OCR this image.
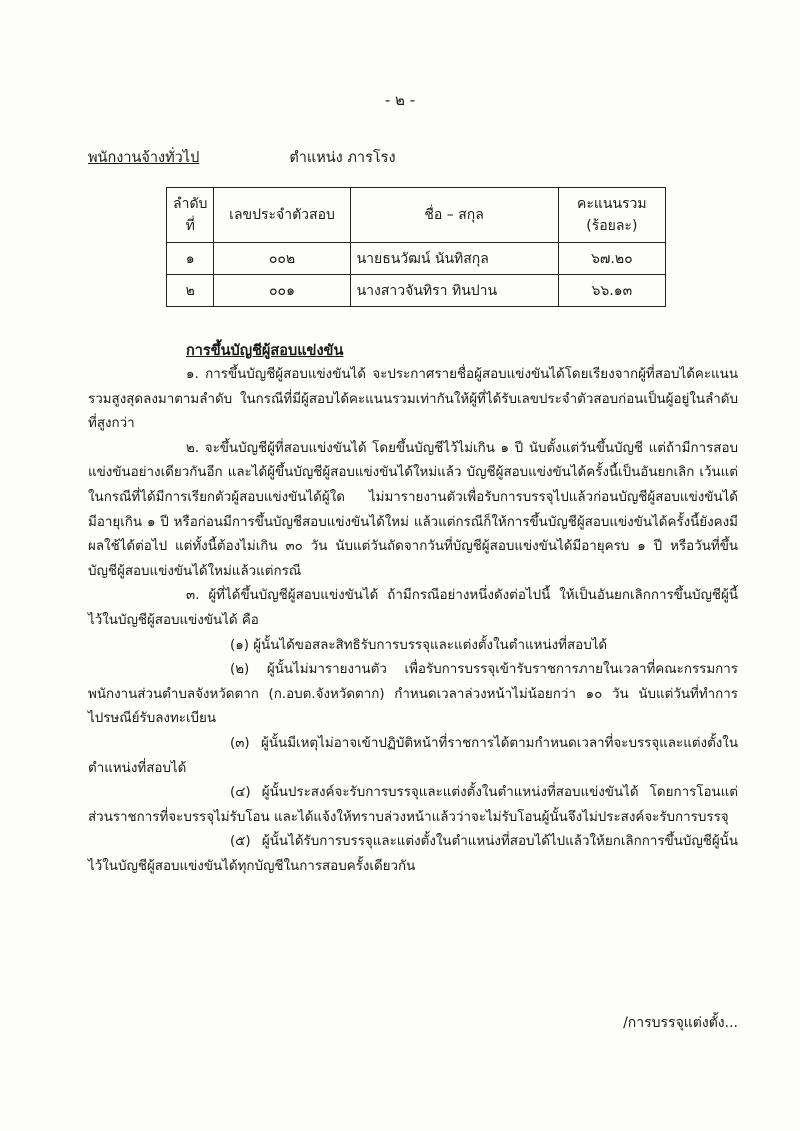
- ๒ -
พนักงานจ้างทั่วไป	ตำแหน่ง ภารโรง
ลำดับที่	เลขประจำตัวสอบ	ชื่อ – สกุล	คะแนนรวม (ร้อยละ)
๑	๐๐๒	นายธนวัฒน์ นันทิสกุล	๖๗.๒๐
๒	๐๐๑	นางสาวจันทิรา ทินปาน	๖๖.๑๓
การขึ้นบัญชีผู้สอบแข่งขัน

๑. การขึ้นบัญชีผู้สอบแข่งขันได้ จะประกาศรายชื่อผู้สอบแข่งขันได้โดยเรียงจากผู้ที่สอบได้คะแนนรวมสูงสุดลงมาตามลำดับ ในกรณีที่มีผู้สอบได้คะแนนรวมเท่ากันให้ผู้ที่ได้รับเลขประจำตัวสอบก่อนเป็นผู้อยู่ในลำดับที่สูงกว่า

๒. จะขึ้นบัญชีผู้ที่สอบแข่งขันได้ โดยขึ้นบัญชีไว้ไม่เกิน ๑ ปี นับตั้งแต่วันขึ้นบัญชี แต่ถ้ามีการสอบแข่งขันอย่างเดียวกันอีก และได้ผู้ขึ้นบัญชีผู้สอบแข่งขันได้ใหม่แล้ว บัญชีผู้สอบแข่งขันได้ครั้งนี้เป็นอันยกเลิก เว้นแต่ในกรณีที่ได้มีการเรียกตัวผู้สอบแข่งขันได้ผู้ใด ไม่มารายงานตัวเพื่อรับการบรรจุไปแล้วก่อนบัญชีผู้สอบแข่งขันได้มีอายุเกิน ๑ ปี หรือก่อนมีการขึ้นบัญชีสอบแข่งขันได้ใหม่ แล้วแต่กรณีก็ให้การขึ้นบัญชีผู้สอบแข่งขันได้ครั้งนี้ยังคงมีผลใช้ได้ต่อไป แต่ทั้งนี้ต้องไม่เกิน ๓๐ วัน นับแต่วันถัดจากวันที่บัญชีผู้สอบแข่งขันได้มีอายุครบ ๑ ปี หรือวันที่ขึ้นบัญชีผู้สอบแข่งขันได้ใหม่แล้วแต่กรณี

๓. ผู้ที่ได้ขึ้นบัญชีผู้สอบแข่งขันได้ ถ้ามีกรณีอย่างหนึ่งดังต่อไปนี้ ให้เป็นอันยกเลิกการขึ้นบัญชีผู้นี้ไว้ในบัญชีผู้สอบแข่งขันได้ คือ

(๑) ผู้นั้นได้ขอสละสิทธิรับการบรรจุและแต่งตั้งในตำแหน่งที่สอบได้

(๒) ผู้นั้นไม่มารายงานตัว เพื่อรับการบรรจุเข้ารับราชการภายในเวลาที่คณะกรรมการพนักงานส่วนตำบลจังหวัดตาก (ก.อบต.จังหวัดตาก) กำหนดเวลาล่วงหน้าไม่น้อยกว่า ๑๐ วัน นับแต่วันที่ทำการไปรษณีย์รับลงทะเบียน

(๓) ผู้นั้นมีเหตุไม่อาจเข้าปฏิบัติหน้าที่ราชการได้ตามกำหนดเวลาที่จะบรรจุและแต่งตั้งในตำแหน่งที่สอบได้

(๔) ผู้นั้นประสงค์จะรับการบรรจุและแต่งตั้งในตำแหน่งที่สอบแข่งขันได้ โดยการโอนแต่ส่วนราชการที่จะบรรจุไม่รับโอน และได้แจ้งให้ทราบล่วงหน้าแล้วว่าจะไม่รับโอนผู้นั้นจึงไม่ประสงค์จะรับการบรรจุ

(๕) ผู้นั้นได้รับการบรรจุและแต่งตั้งในตำแหน่งที่สอบได้ไปแล้วให้ยกเลิกการขึ้นบัญชีผู้นั้นไว้ในบัญชีผู้สอบแข่งขันได้ทุกบัญชีในการสอบครั้งเดียวกัน

/การบรรจุแต่งตั้ง...
